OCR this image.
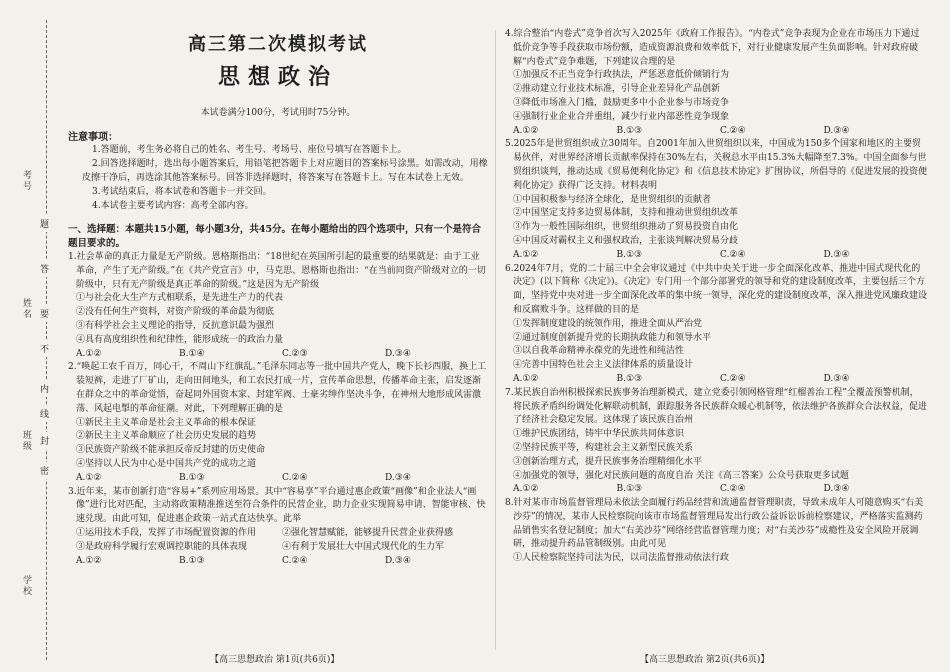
考号
姓名
班级
学校
题
答
要
不
内
线
封
密
高三第二次模拟考试
思想政治
本试卷满分100分，考试用时75分钟。
注意事项：
1.答题前，考生务必将自己的姓名、考生号、考场号、座位号填写在答题卡上。
2.回答选择题时，选出每小题答案后，用铅笔把答题卡上对应题目的答案标号涂黑。如需改动，用橡皮擦干净后，再选涂其他答案标号。回答非选择题时，将答案写在答题卡上。写在本试卷上无效。
3.考试结束后，将本试卷和答题卡一并交回。
4.本试卷主要考试内容：高考全部内容。
一、选择题：本题共15小题，每小题3分，共45分。在每小题给出的四个选项中，只有一个是符合题目要求的。
1.社会革命的真正力量是无产阶级。恩格斯指出：“18世纪在英国所引起的最重要的结果就是：由于工业革命，产生了无产阶级。”在《共产党宣言》中，马克思、恩格斯也指出：“在当前同资产阶级对立的一切阶级中，只有无产阶级是真正革命的阶级。”这是因为无产阶级
①与社会化大生产方式相联系，是先进生产力的代表
②没有任何生产资料，对资产阶级的革命最为彻底
③有科学社会主义理论的指导，反抗意识最为强烈
④具有高度组织性和纪律性，能形成统一的政治力量
A.①②	B.①④	C.②③	D.③④
2.“唤起工农千百万，同心干，不周山下红旗乱。”毛泽东同志等一批中国共产党人，晚下长衫西服，换上工装短裤，走进了厂矿山，走向田间地头，和工农民打成一片，宣传革命思想，传播革命主张，启发逐渐在群众之中的革命觉悟，奋起同外国资本家、封建军阀、土豪劣绅作坚决斗争，在神州大地形成风雷激荡、风起电掣的革命征潮。对此，下列理解正确的是
①新民主主义革命是社会主义革命的根本保证
②新民主主义革命顺应了社会历史发展的趋势
③民族资产阶级不能承担反帝反封建的历史使命
④坚持以人民为中心是中国共产党的成功之道
A.①②	B.①③	C.②④	D.③④
3.近年来，某市创新打造“容易+”系列应用场景。其中“容易享”平台通过惠企政策“画像”和企业法人“画像”进行比对匹配，主动将政策精准推送至符合条件的民营企业，助力企业实现简易申请、智能审核、快速兑现。由此可知，促进惠企政策一站式直达快享。此举
①运用技术手段，发挥了市场配置资源的作用	②强化智慧赋能，能够提升民营企业获得感
③是政府科学履行宏观调控职能的具体表现	④有利于发展壮大中国式现代化的生力军
A.①②	B.①③	C.②④	D.③④
4.综合整治“内卷式”竞争首次写入2025年《政府工作报告》。“内卷式”竞争表现为企业在市场压力下通过低价竞争等手段获取市场份额，造成资源浪费和效率低下，对行业健康发展产生负面影响。针对政府破解“内卷式”竞争难题，下列建议合理的是
①加强反不正当竞争行政执法，严惩恶意低价倾销行为
②推动建立行业技术标准，引导企业差异化产品创新
③降低市场准入门槛，鼓励更多中小企业参与市场竞争
④强制行业企业合并重组，减少行业内部恶性竞争现象
A.①②	B.①③	C.②④	D.③④
5.2025年是世贸组织成立30周年。自2001年加入世贸组织以来，中国成为150多个国家和地区的主要贸易伙伴，对世界经济增长贡献率保持在30%左右，关税总水平由15.3%大幅降至7.3%。中国全面参与世贸组织谈判，推动达成《贸易便利化协定》和《信息技术协定》扩围协议，所倡导的《促进发展的投资便利化协定》获得广泛支持。材料表明
①中国积极参与经济全球化，是世贸组织的贡献者
②中国坚定支持多边贸易体制，支持和推动世贸组织改革
③作为一般性国际组织，世贸组织推动了贸易投资自由化
④中国反对霸权主义和强权政治，主张谈判解决贸易分歧
A.①②	B.①③	C.②④	D.③④
6.2024年7月，党的二十届三中全会审议通过《中共中央关于进一步全面深化改革、推进中国式现代化的决定》(以下简称《决定》)。《决定》专门用一个部分部署党的领导和党的建设制度改革，主要包括三个方面，坚持党中央对进一步全面深化改革的集中统一领导，深化党的建设制度改革，深入推进党风廉政建设和反腐败斗争。这样做的目的是
①发挥制度建设的统领作用，推进全面从严治党
②通过制度创新提升党的长期执政能力和领导水平
③以自我革命精神永葆党的先进性和纯洁性
④完善中国特色社会主义法律体系的质量设计
A.①②	B.①③	C.②④	D.③④
7.某民族自治州积极探索民族事务治理新模式，建立党委引领网格管理“红榴善治工程”全覆盖预警机制，将民族矛盾纠纷调处化解联动机制，跟踪服务各民族群众暖心机制等，依法维护各族群众合法权益，促进了经济社会稳定发展。这体现了该民族自治州
①维护民族团结，铸牢中华民族共同体意识
②坚持民族平等，构建社会主义新型民族关系
③创新治理方式，提升民族事务治理精细化水平
④加强党的领导，强化对民族问题的高度自治 关注《高三答案》公众号获取更多试题
A.①②	B.①③	C.②④	D.③④
8.针对某市市场监督管理局未依法全面履行药品经营和流通监督管理职责，导致未成年人可随意购买“右美沙芬”的情况，某市人民检察院向该市市场监督管理局发出行政公益诉讼诉前检察建议，严格落实监测药品销售实名登记制度；加大“右美沙芬”网络经营监督管理力度；对“右美沙芬”成瘾性及安全风险开展调研，推动提升药品管制级别。由此可见
①人民检察院坚持司法为民，以司法监督推动依法行政
【高三思想政治 第1页(共6页)】	【高三思想政治 第2页(共6页)】
